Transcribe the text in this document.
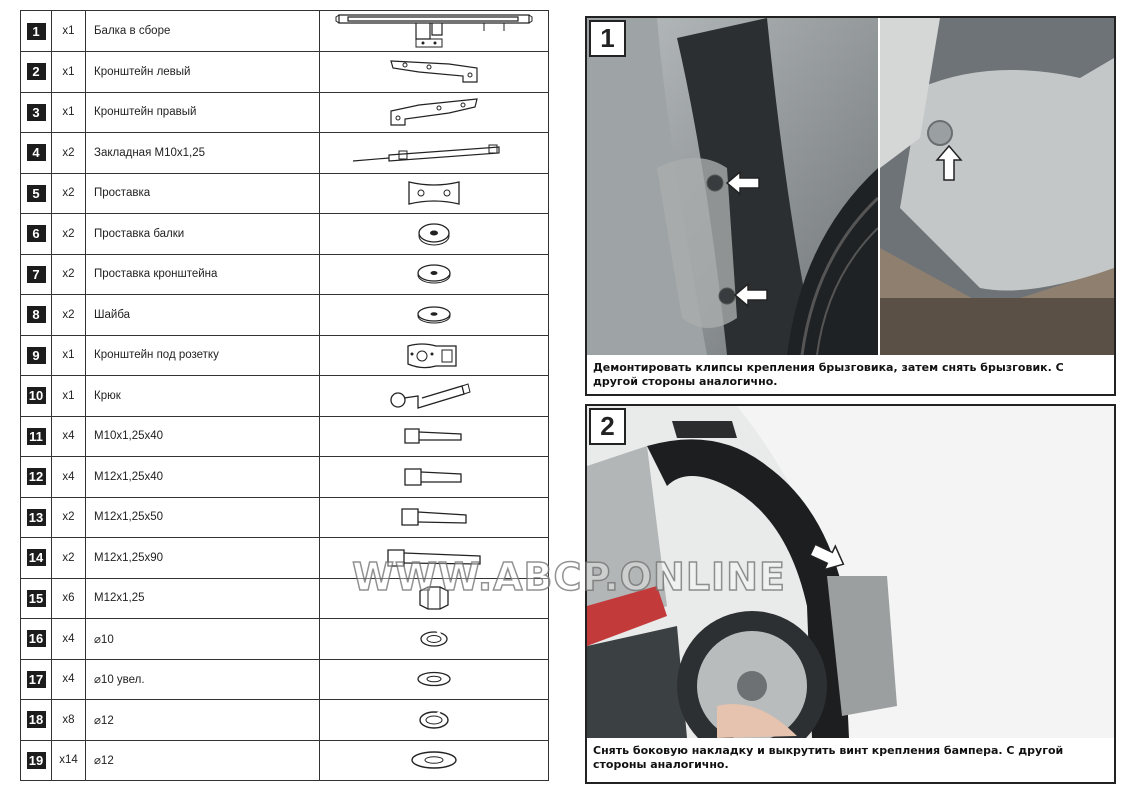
1	x1	Балка в сборе	

2	x1	Кронштейн левый	

3	x1	Кронштейн правый	

4	x2	Закладная М10х1,25	

5	x2	Проставка	

6	x2	Проставка балки	

7	x2	Проставка кронштейна	

8	x2	Шайба	

9	x1	Кронштейн под розетку	

10	x1	Крюк	

11	x4	М10х1,25х40	

12	x4	М12х1,25х40	

13	x2	М12х1,25х50	

14	x2	М12х1,25х90	

15	x6	М12х1,25	

16	x4	⌀10	

17	x4	⌀10 увел.	

18	x8	⌀12	

19	x14	⌀12	
1
Демонтировать клипсы крепления брызговика, затем снять брызговик. С другой стороны аналогично.
2
Снять боковую накладку и выкрутить винт крепления бампера. С другой стороны аналогично.
WWW.ABCP.ONLINE
